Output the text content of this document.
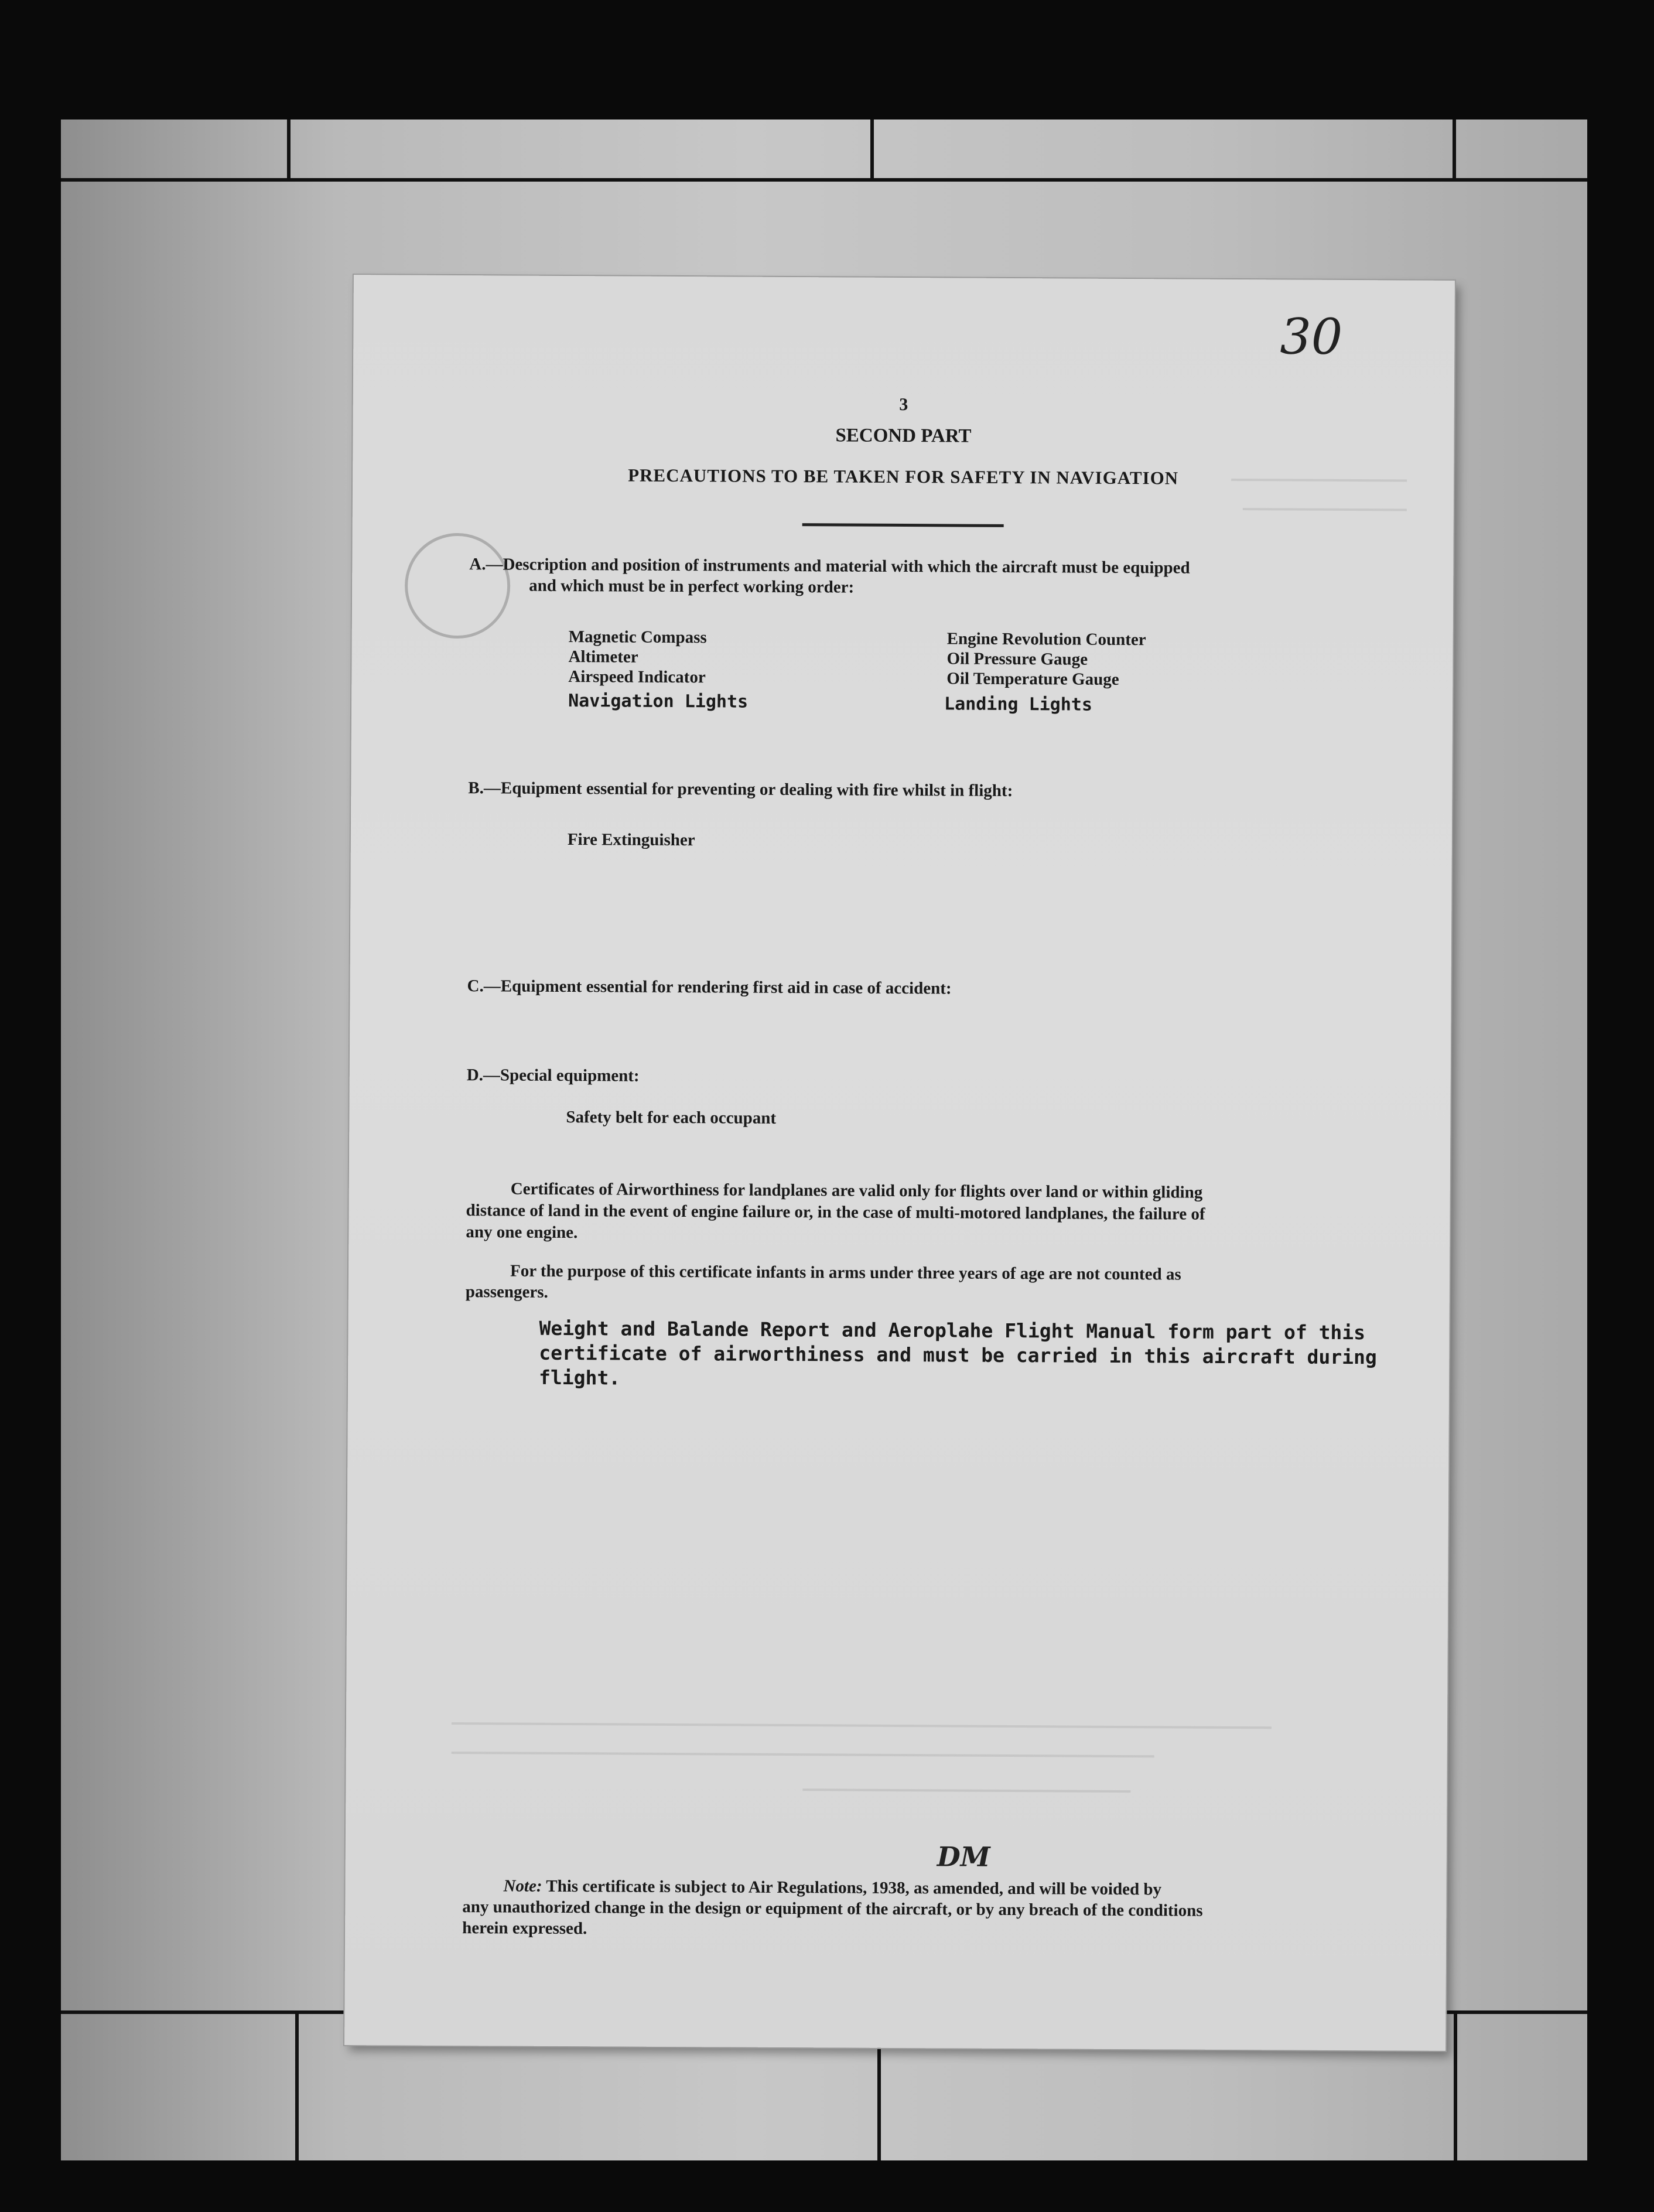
30
3
SECOND PART
PRECAUTIONS TO BE TAKEN FOR SAFETY IN NAVIGATION
A.—Description and position of instruments and material with which the aircraft must be equipped
and which must be in perfect working order:
Magnetic Compass
Altimeter
Airspeed Indicator
Navigation Lights
Engine Revolution Counter
Oil Pressure Gauge
Oil Temperature Gauge
Landing Lights
B.—Equipment essential for preventing or dealing with fire whilst in flight:
Fire Extinguisher
C.—Equipment essential for rendering first aid in case of accident:
D.—Special equipment:
Safety belt for each occupant
Certificates of Airworthiness for landplanes are valid only for flights over land or within gliding
distance of land in the event of engine failure or, in the case of multi-motored landplanes, the failure of
any one engine.
For the purpose of this certificate infants in arms under three years of age are not counted as
passengers.
Weight and Balande Report and Aeroplahe Flight Manual form part of this
certificate of airworthiness and must be carried in this aircraft during
flight.
DM
Note: This certificate is subject to Air Regulations, 1938, as amended, and will be voided by
any unauthorized change in the design or equipment of the aircraft, or by any breach of the conditions
herein expressed.
